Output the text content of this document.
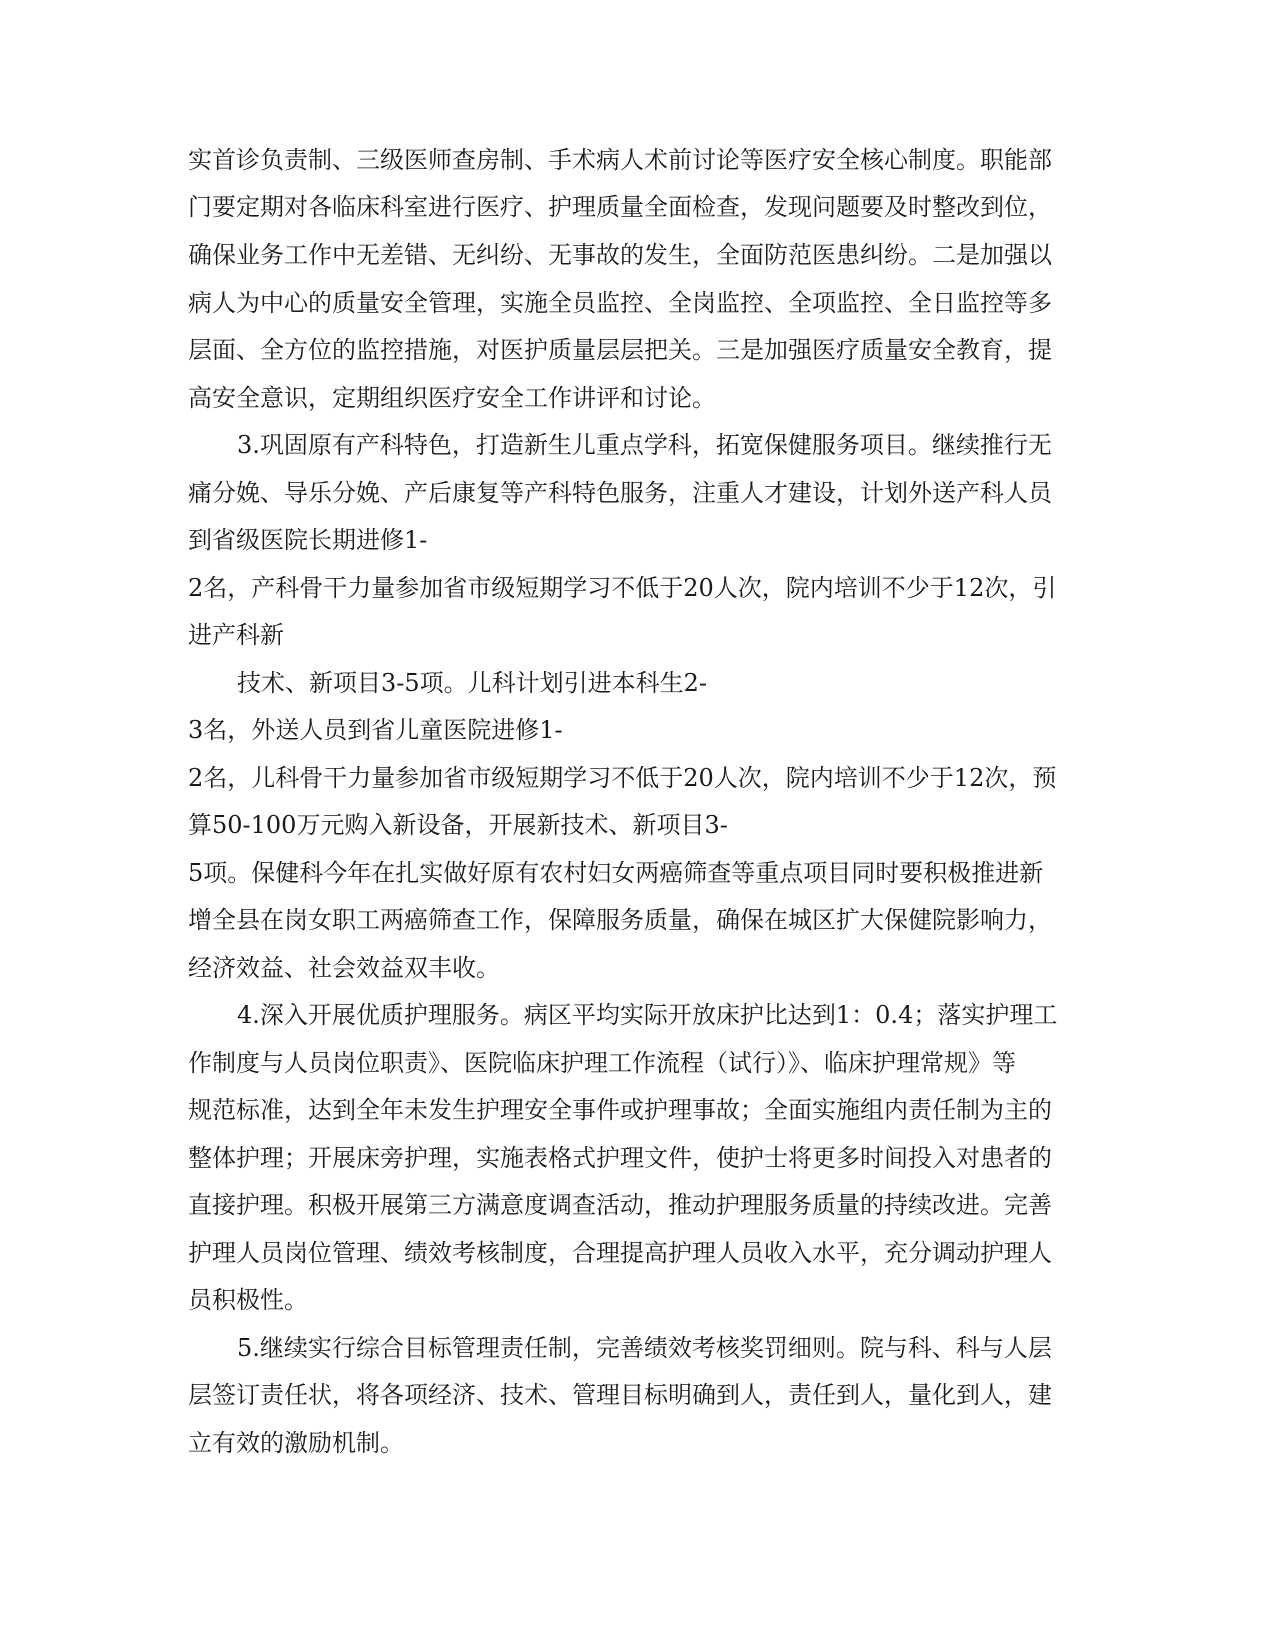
实首诊负责制、三级医师查房制、手术病人术前讨论等医疗安全核心制度。职能部
门要定期对各临床科室进行医疗、护理质量全面检查，发现问题要及时整改到位，
确保业务工作中无差错、无纠纷、无事故的发生，全面防范医患纠纷。二是加强以
病人为中心的质量安全管理，实施全员监控、全岗监控、全项监控、全日监控等多
层面、全方位的监控措施，对医护质量层层把关。三是加强医疗质量安全教育，提
高安全意识，定期组织医疗安全工作讲评和讨论。
3.巩固原有产科特色，打造新生儿重点学科，拓宽保健服务项目。继续推行无
痛分娩、导乐分娩、产后康复等产科特色服务，注重人才建设，计划外送产科人员
到省级医院长期进修1-
2名，产科骨干力量参加省市级短期学习不低于20人次，院内培训不少于12次，引
进产科新
技术、新项目3-5项。儿科计划引进本科生2-
3名，外送人员到省儿童医院进修1-
2名，儿科骨干力量参加省市级短期学习不低于20人次，院内培训不少于12次，预
算50-100万元购入新设备，开展新技术、新项目3-
5项。保健科今年在扎实做好原有农村妇女两癌筛查等重点项目同时要积极推进新
增全县在岗女职工两癌筛查工作，保障服务质量，确保在城区扩大保健院影响力，
经济效益、社会效益双丰收。
4.深入开展优质护理服务。病区平均实际开放床护比达到1：0.4；落实护理工
作制度与人员岗位职责》、医院临床护理工作流程（试行）》、临床护理常规》等
规范标准，达到全年未发生护理安全事件或护理事故；全面实施组内责任制为主的
整体护理；开展床旁护理，实施表格式护理文件，使护士将更多时间投入对患者的
直接护理。积极开展第三方满意度调查活动，推动护理服务质量的持续改进。完善
护理人员岗位管理、绩效考核制度，合理提高护理人员收入水平，充分调动护理人
员积极性。
5.继续实行综合目标管理责任制，完善绩效考核奖罚细则。院与科、科与人层
层签订责任状，将各项经济、技术、管理目标明确到人，责任到人，量化到人，建
立有效的激励机制。
